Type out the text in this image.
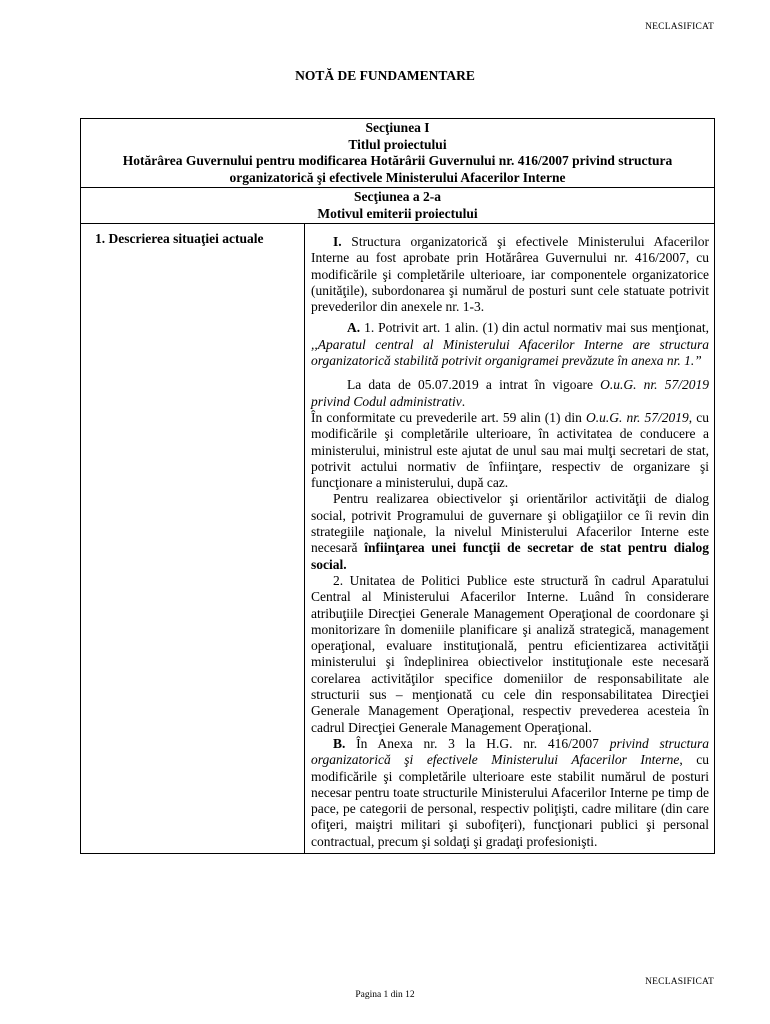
NECLASIFICAT
NOTĂ DE FUNDAMENTARE
Secţiunea I
Titlul proiectului
Hotărârea Guvernului pentru modificarea Hotărârii Guvernului nr. 416/2007 privind structura organizatorică şi efectivele Ministerului Afacerilor Interne
Secţiunea a 2-a
Motivul emiterii proiectului
1. Descrierea situaţiei actuale	I. Structura organizatorică şi efectivele Ministerului Afacerilor Interne au fost aprobate prin Hotărârea Guvernului nr. 416/2007, cu modificările şi completările ulterioare, iar componentele organizatorice (unităţile), subordonarea şi numărul de posturi sunt cele statuate potrivit prevederilor din anexele nr. 1-3.

A. 1. Potrivit art. 1 alin. (1) din actul normativ mai sus menţionat, ,,Aparatul central al Ministerului Afacerilor Interne are structura organizatorică stabilită potrivit organigramei prevăzute în anexa nr. 1.”

La data de 05.07.2019 a intrat în vigoare O.u.G. nr. 57/2019 privind Codul administrativ.

În conformitate cu prevederile art. 59 alin (1) din O.u.G. nr. 57/2019, cu modificările şi completările ulterioare, în activitatea de conducere a ministerului, ministrul este ajutat de unul sau mai mulţi secretari de stat, potrivit actului normativ de înfiinţare, respectiv de organizare şi funcţionare a ministerului, după caz.

Pentru realizarea obiectivelor şi orientărilor activităţii de dialog social, potrivit Programului de guvernare şi obligaţiilor ce îi revin din strategiile naţionale, la nivelul Ministerului Afacerilor Interne este necesară înfiinţarea unei funcţii de secretar de stat pentru dialog social.

2. Unitatea de Politici Publice este structură în cadrul Aparatului Central al Ministerului Afacerilor Interne. Luând în considerare atribuţiile Direcţiei Generale Management Operaţional de coordonare şi monitorizare în domeniile planificare şi analiză strategică, management operaţional, evaluare instituţională, pentru eficientizarea activităţii ministerului şi îndeplinirea obiectivelor instituţionale este necesară corelarea activităţilor specifice domeniilor de responsabilitate ale structurii sus – menţionată cu cele din responsabilitatea Direcţiei Generale Management Operaţional, respectiv prevederea acesteia în cadrul Direcţiei Generale Management Operaţional.

B. În Anexa nr. 3 la H.G. nr. 416/2007 privind structura organizatorică şi efectivele Ministerului Afacerilor Interne, cu modificările şi completările ulterioare este stabilit numărul de posturi necesar pentru toate structurile Ministerului Afacerilor Interne pe timp de pace, pe categorii de personal, respectiv poliţişti, cadre militare (din care ofiţeri, maiştri militari şi subofiţeri), funcţionari publici şi personal contractual, precum şi soldaţi şi gradaţi profesionişti.

NECLASIFICAT
Pagina 1 din 12
